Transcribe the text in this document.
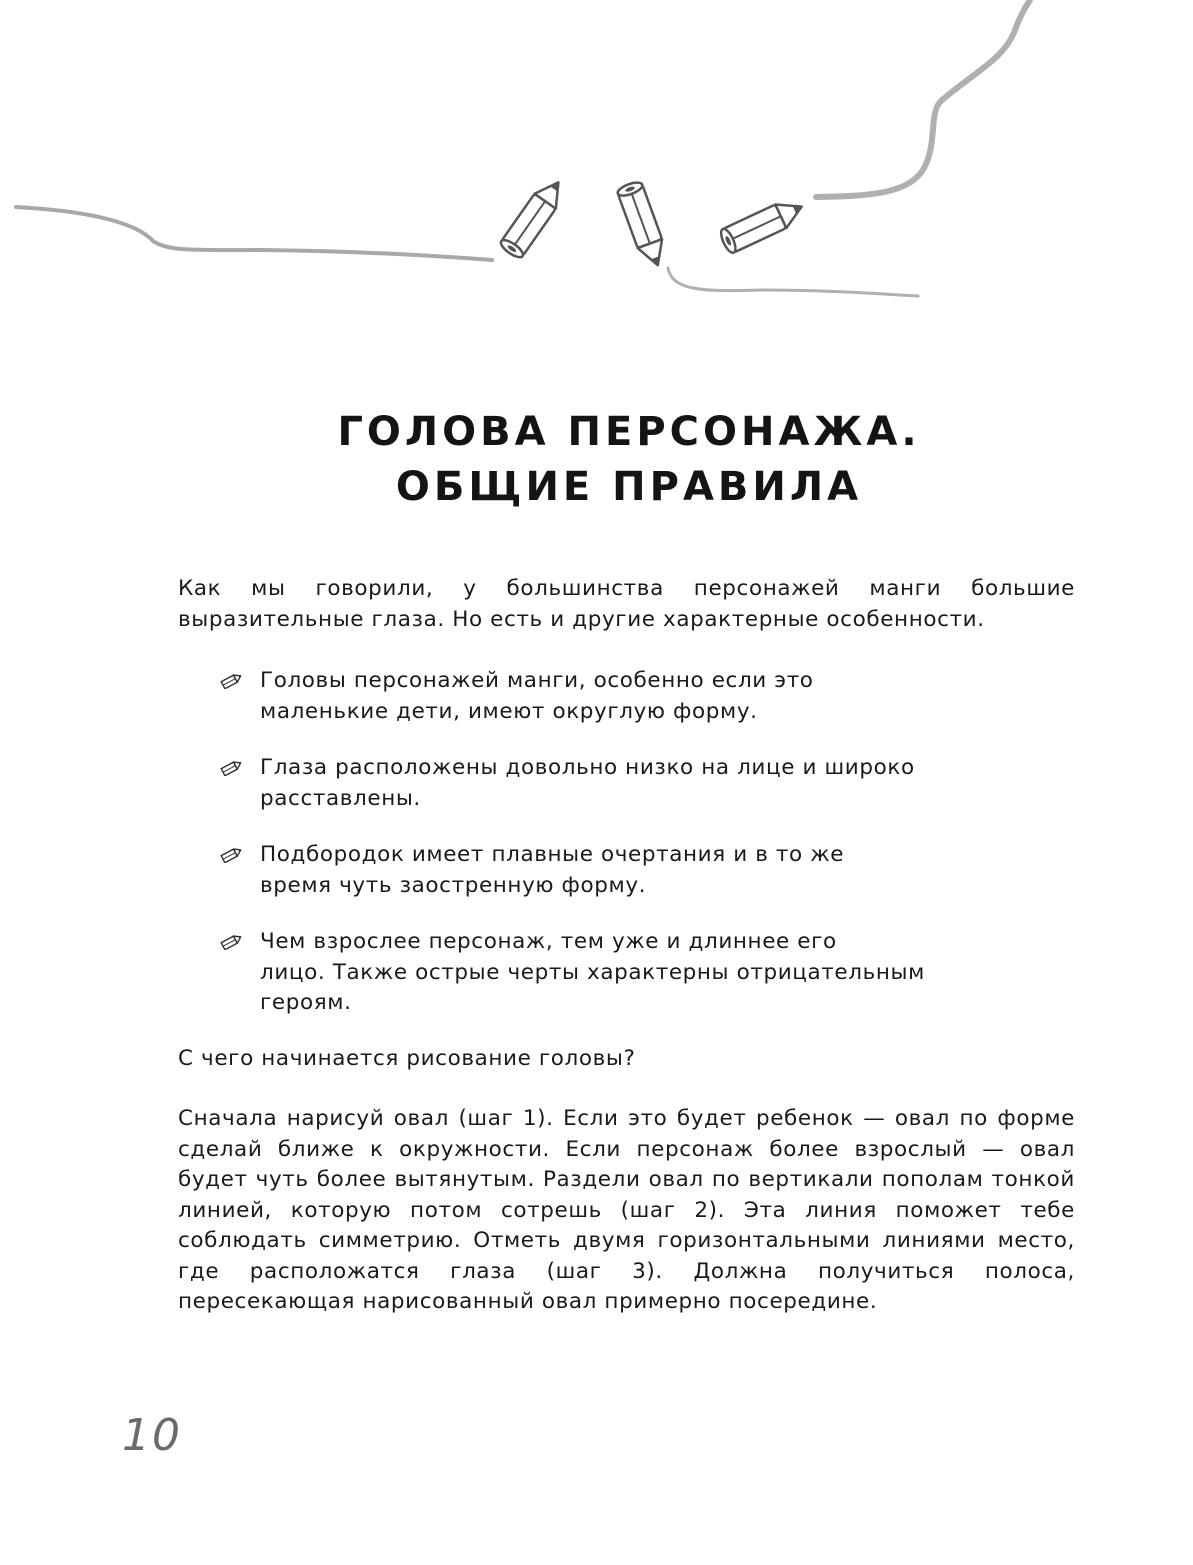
ГОЛОВА ПЕРСОНАЖА.
ОБЩИЕ ПРАВИЛА

Как мы говорили, у большинства персонажей манги большие выразительные глаза. Но есть и другие характерные особенности.

Головы персонажей манги, особенно если это
маленькие дети, имеют округлую форму.
Глаза расположены довольно низко на лице и широко
расставлены.
Подбородок имеет плавные очертания и в то же
время чуть заостренную форму.
Чем взрослее персонаж, тем уже и длиннее его
лицо. Также острые черты характерны отрицательным
героям.

С чего начинается рисование головы?

Сначала нарисуй овал (шаг 1). Если это будет ребенок — овал по форме сделай ближе к окружности. Если персонаж более взрослый — овал будет чуть более вытянутым. Раздели овал по вертикали пополам тонкой линией, которую потом сотрешь (шаг 2). Эта линия поможет тебе соблюдать симметрию. Отметь двумя горизонтальными линиями место, где расположатся глаза (шаг 3). Должна получиться полоса, пересекающая нарисованный овал примерно посередине.

10
